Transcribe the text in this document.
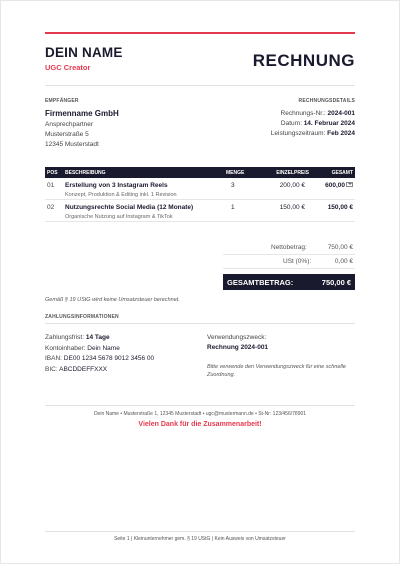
DEIN NAME
UGC Creator	RECHNUNG
EMPFÄNGER
Firmenname GmbH
Ansprechpartner
Musterstraße 5
12345 Musterstadt
RECHNUNGSDETAILS
Rechnungs-Nr.: 2024-001
Datum: 14. Februar 2024
Leistungszeitraum: Feb 2024
POS BESCHREIBUNG	MENGE	EINZELPREIS	GESAMT
01 Erstellung von 3 Instagram Reels
Konzept, Produktion & Editing inkl. 1 Revision
3	200,00 €	600,00
02 Nutzungsrechte Social Media (12 Monate)
Organische Nutzung auf Instagram & TikTok
1	150,00 €	150,00 €
Nettobetrag:	750,00 €
USt (0%):	0,00 €
GESAMTBETRAG:	750,00 €
Gemäß § 19 UStG wird keine Umsatzsteuer berechnet.
ZAHLUNGSINFORMATIONEN
Zahlungsfrist: 14 Tage
Kontoinhaber: Dein Name
IBAN: DE00 1234 5678 9012 3456 00
BIC: ABCDDEFFXXX
Verwendungszweck:
Rechnung 2024-001
Bitte verwende den Verwendungszweck für eine schnelle Zuordnung.
Dein Name • Musterstraße 1, 12345 Musterstadt • ugc@mustermann.de • St-Nr: 123/456/78901
Vielen Dank für die Zusammenarbeit!
Seite 1 | Kleinunternehmer gem. § 19 UStG | Kein Ausweis von Umsatzsteuer
